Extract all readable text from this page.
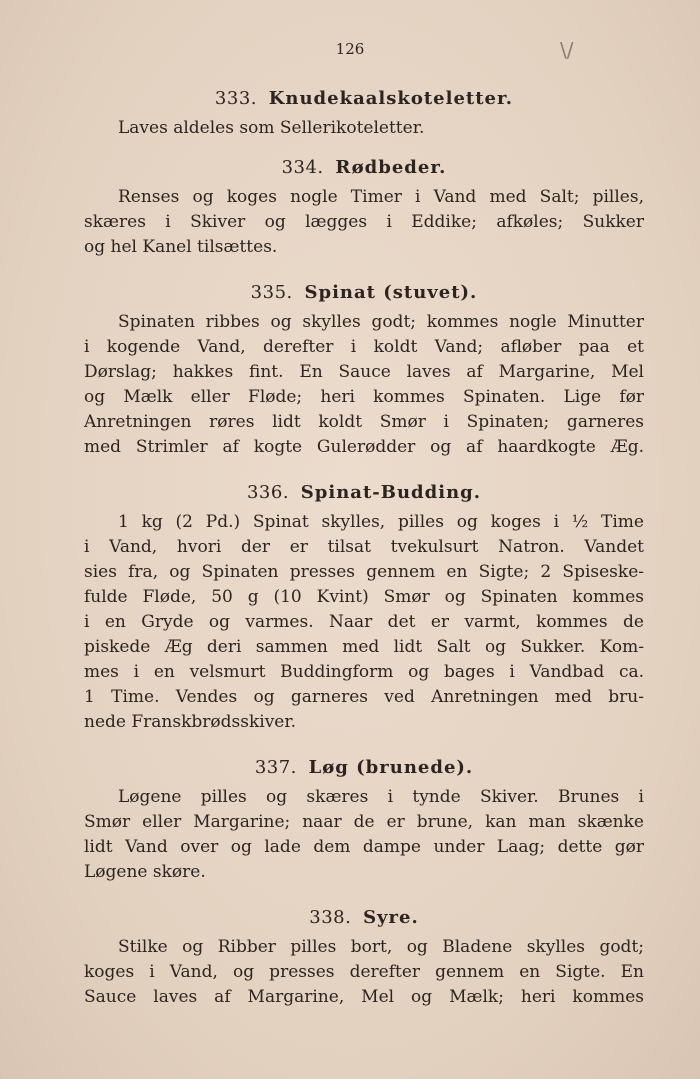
126	\/
333. Knudekaalskoteletter.
Laves aldeles som Sellerikoteletter.
334. Rødbeder.
Renses og koges nogle Timer i Vand med Salt; pilles,
skæres i Skiver og lægges i Eddike; afkøles; Sukker
og hel Kanel tilsættes.
335. Spinat (stuvet).
Spinaten ribbes og skylles godt; kommes nogle Minutter
i kogende Vand, derefter i koldt Vand; afløber paa et
Dørslag; hakkes fint. En Sauce laves af Margarine, Mel
og Mælk eller Fløde; heri kommes Spinaten. Lige før
Anretningen røres lidt koldt Smør i Spinaten; garneres
med Strimler af kogte Gulerødder og af haardkogte Æg.
336. Spinat-Budding.
1 kg (2 Pd.) Spinat skylles, pilles og koges i ½ Time
i Vand, hvori der er tilsat tvekulsurt Natron. Vandet
sies fra, og Spinaten presses gennem en Sigte; 2 Spiseske-
fulde Fløde, 50 g (10 Kvint) Smør og Spinaten kommes
i en Gryde og varmes. Naar det er varmt, kommes de
piskede Æg deri sammen med lidt Salt og Sukker. Kom-
mes i en velsmurt Buddingform og bages i Vandbad ca.
1 Time. Vendes og garneres ved Anretningen med bru-
nede Franskbrødsskiver.
337. Løg (brunede).
Løgene pilles og skæres i tynde Skiver. Brunes i
Smør eller Margarine; naar de er brune, kan man skænke
lidt Vand over og lade dem dampe under Laag; dette gør
Løgene skøre.
338. Syre.
Stilke og Ribber pilles bort, og Bladene skylles godt;
koges i Vand, og presses derefter gennem en Sigte. En
Sauce laves af Margarine, Mel og Mælk; heri kommes
